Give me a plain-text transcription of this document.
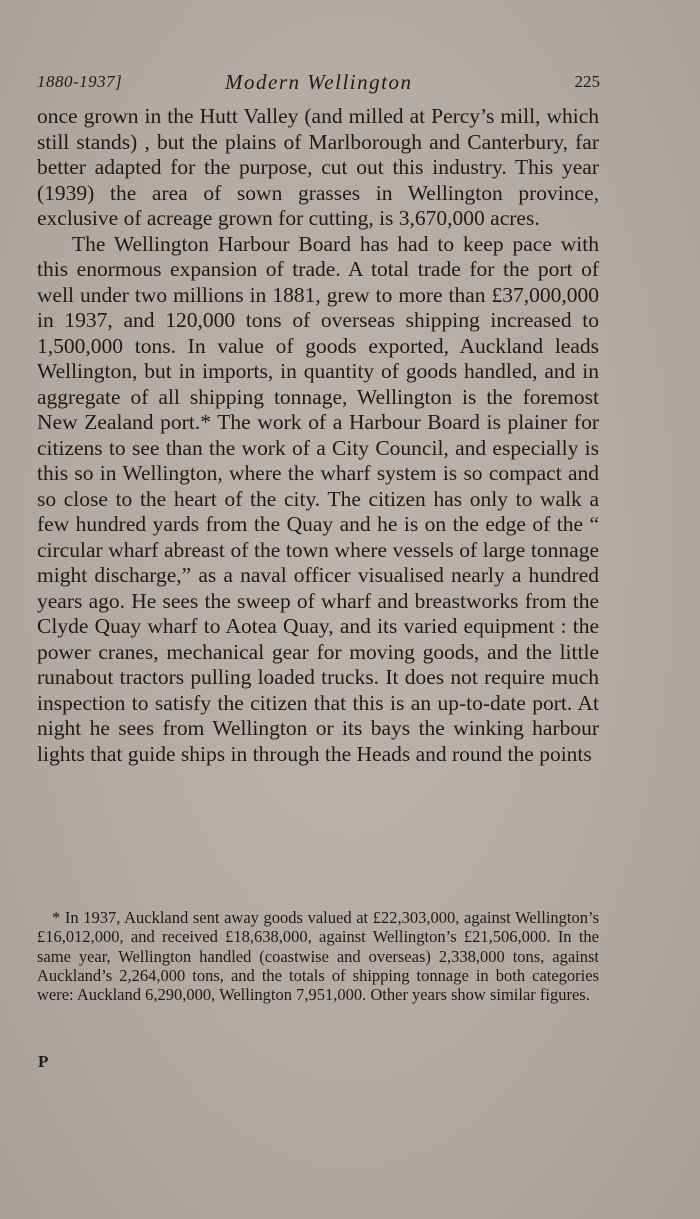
1880-1937]	Modern Wellington	225

once grown in the Hutt Valley (and milled at Percy’s mill, which still stands) , but the plains of Marlborough and Canterbury, far better adapted for the purpose, cut out this industry. This year (1939) the area of sown grasses in Wellington province, exclusive of acreage grown for cutting, is 3,670,000 acres.

The Wellington Harbour Board has had to keep pace with this enormous expansion of trade. A total trade for the port of well under two millions in 1881, grew to more than £37,000,000 in 1937, and 120,000 tons of overseas shipping increased to 1,500,000 tons. In value of goods exported, Auckland leads Wellington, but in imports, in quantity of goods handled, and in aggregate of all shipping tonnage, Wellington is the foremost New Zealand port.* The work of a Harbour Board is plainer for citizens to see than the work of a City Council, and especially is this so in Wellington, where the wharf system is so compact and so close to the heart of the city. The citizen has only to walk a few hundred yards from the Quay and he is on the edge of the “ circular wharf abreast of the town where vessels of large tonnage might discharge,” as a naval officer visualised nearly a hundred years ago. He sees the sweep of wharf and breastworks from the Clyde Quay wharf to Aotea Quay, and its varied equipment : the power cranes, mechanical gear for moving goods, and the little runabout tractors pulling loaded trucks. It does not require much inspection to satisfy the citizen that this is an up-to-date port. At night he sees from Wellington or its bays the winking harbour lights that guide ships in through the Heads and round the points

* In 1937, Auckland sent away goods valued at £22,303,000, against Wellington’s £16,012,000, and received £18,638,000, against Wellington’s £21,506,000. In the same year, Wellington handled (coastwise and overseas) 2,338,000 tons, against Auckland’s 2,264,000 tons, and the totals of shipping tonnage in both categories were: Auckland 6,290,000, Wellington 7,951,000. Other years show similar figures.

P
